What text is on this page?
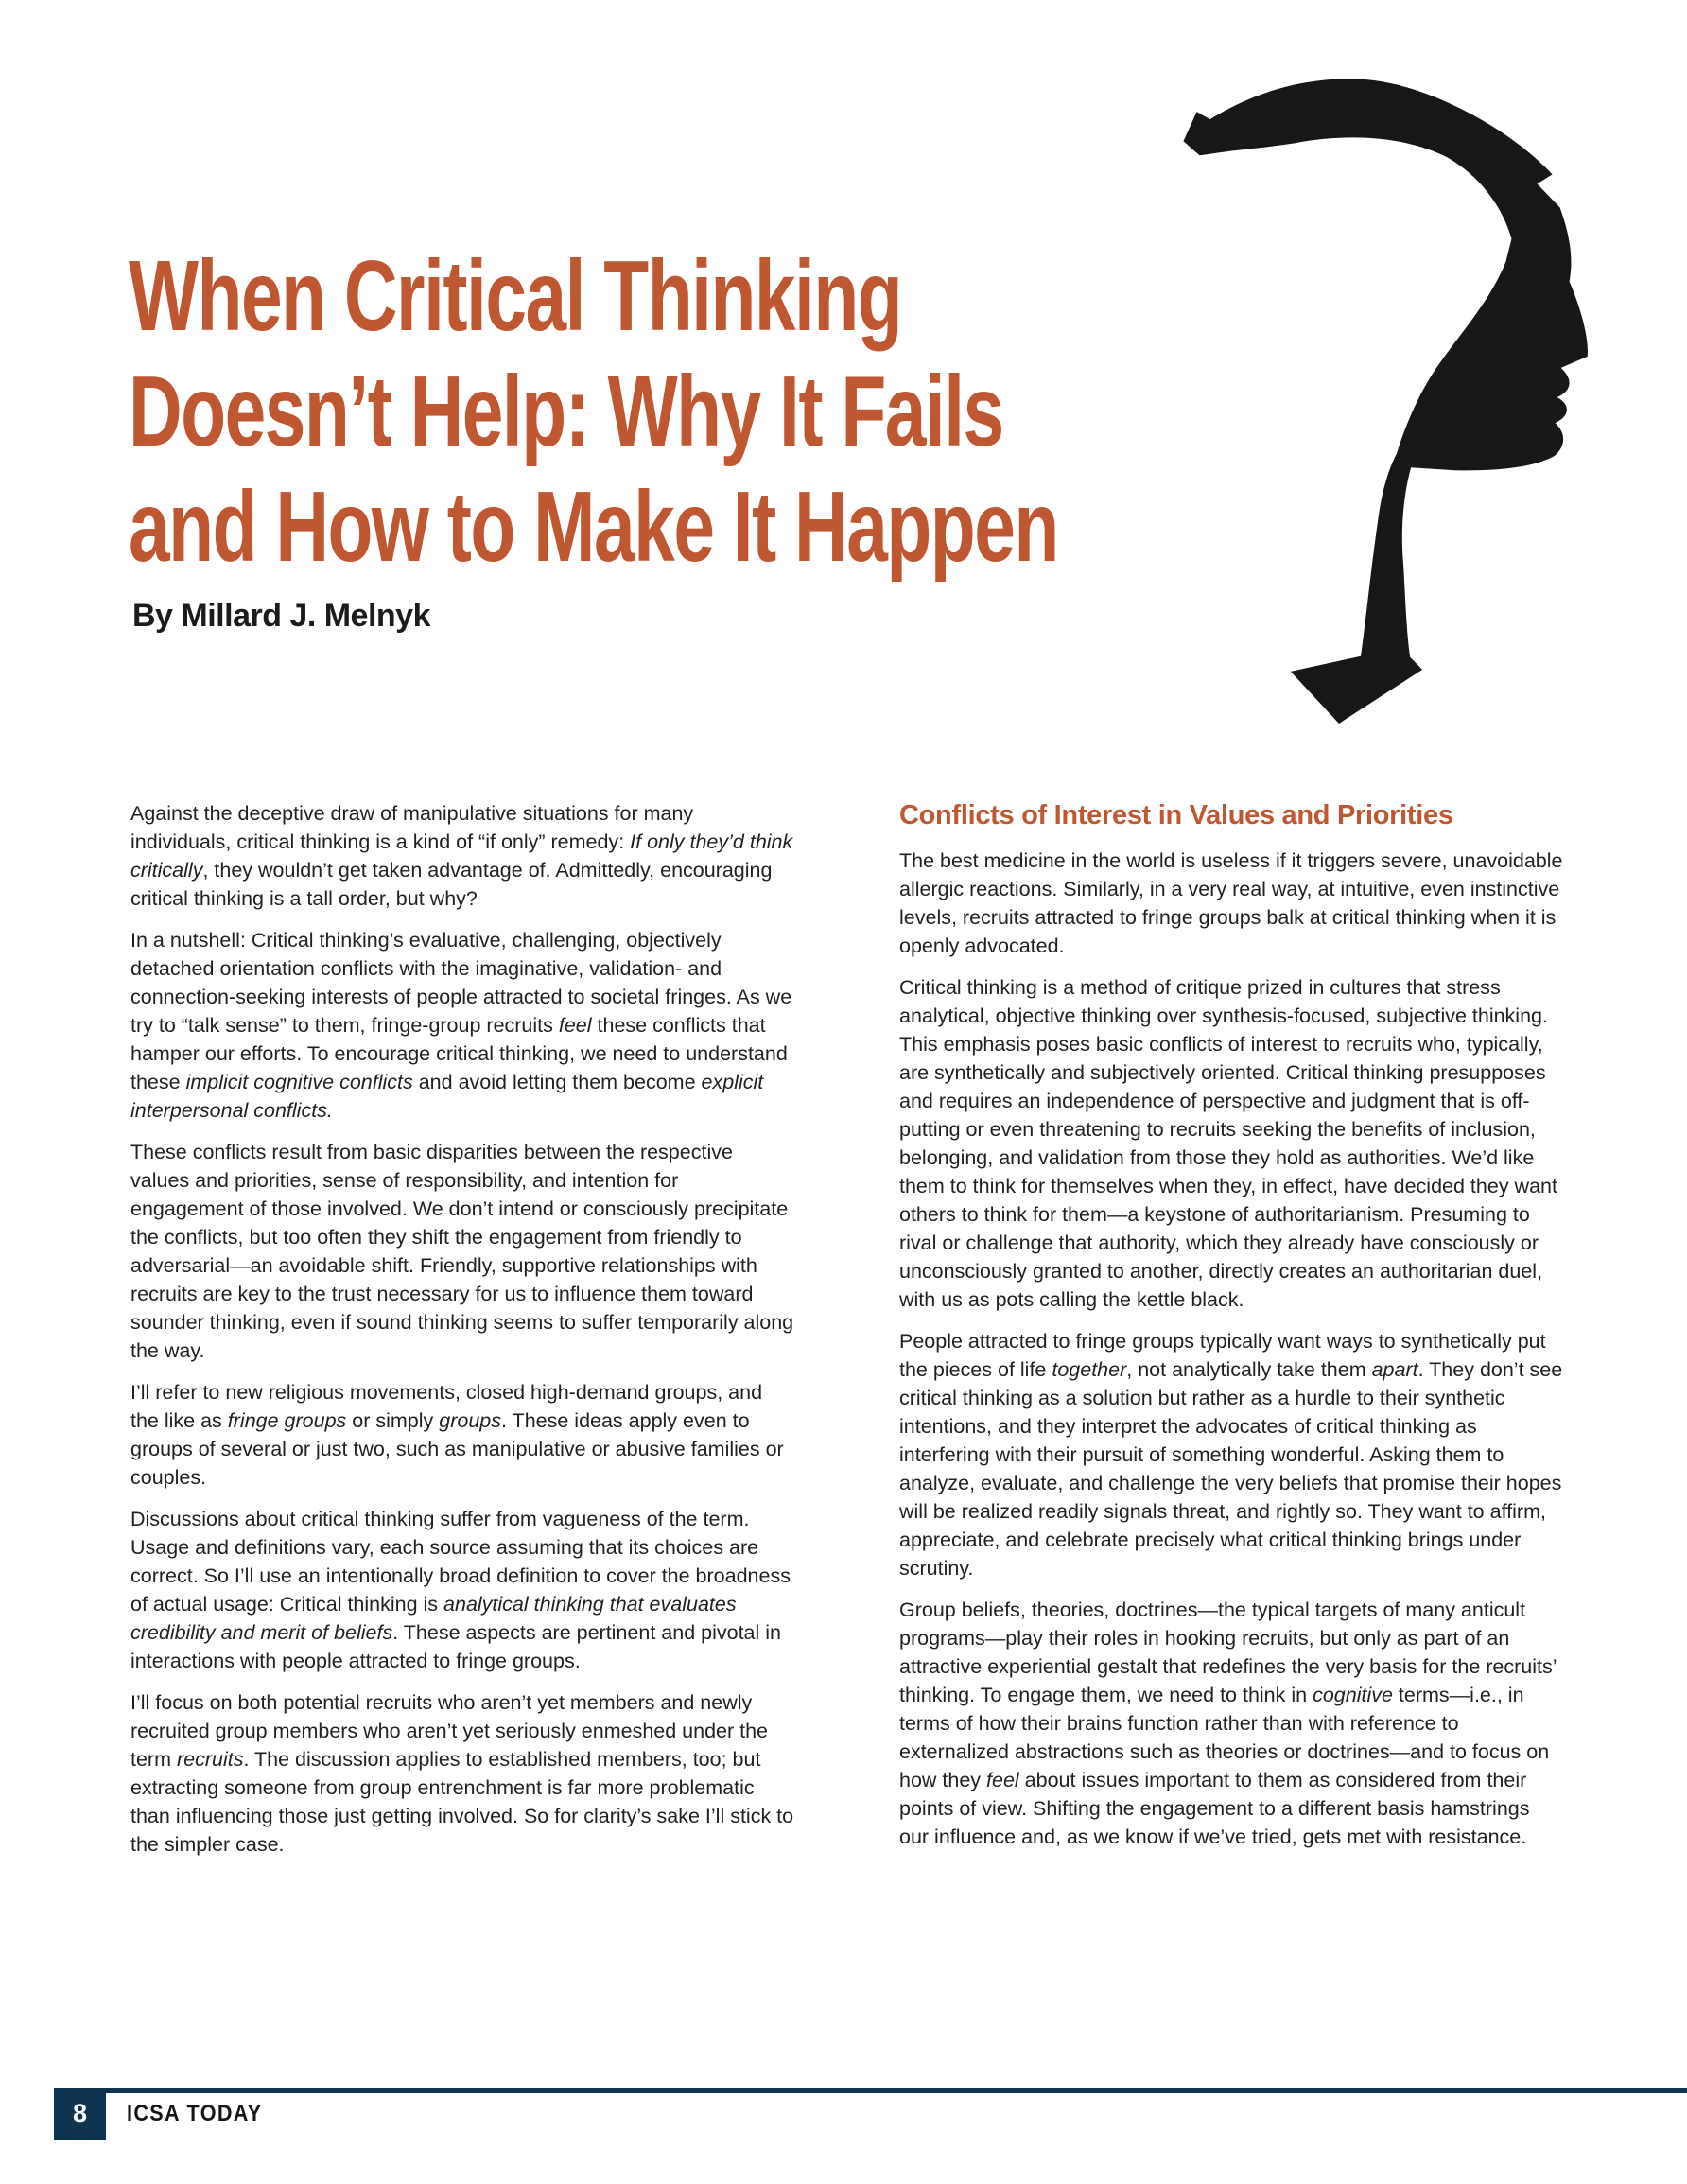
When Critical Thinking
Doesn’t Help: Why It Fails
and How to Make It Happen
By Millard J. Melnyk

Against the deceptive draw of manipulative situations for many individuals, critical thinking is a kind of “if only” remedy: If only they’d think critically, they wouldn’t get taken advantage of. Admittedly, encouraging critical thinking is a tall order, but why?

In a nutshell: Critical thinking’s evaluative, challenging, objectively detached orientation conflicts with the imaginative, validation- and connection-seeking interests of people attracted to societal fringes. As we try to “talk sense” to them, fringe-group recruits feel these conflicts that hamper our efforts. To encourage critical thinking, we need to understand these implicit cognitive conflicts and avoid letting them become explicit interpersonal conflicts.

These conflicts result from basic disparities between the respective values and priorities, sense of responsibility, and intention for engagement of those involved. We don’t intend or consciously precipitate the conflicts, but too often they shift the engagement from friendly to adversarial—an avoidable shift. Friendly, supportive relationships with recruits are key to the trust necessary for us to influence them toward sounder thinking, even if sound thinking seems to suffer temporarily along the way.

I’ll refer to new religious movements, closed high-demand groups, and the like as fringe groups or simply groups. These ideas apply even to groups of several or just two, such as manipulative or abusive families or couples.

Discussions about critical thinking suffer from vagueness of the term. Usage and definitions vary, each source assuming that its choices are correct. So I’ll use an intentionally broad definition to cover the broadness of actual usage: Critical thinking is analytical thinking that evaluates credibility and merit of beliefs. These aspects are pertinent and pivotal in interactions with people attracted to fringe groups.

I’ll focus on both potential recruits who aren’t yet members and newly recruited group members who aren’t yet seriously enmeshed under the term recruits. The discussion applies to established members, too; but extracting someone from group entrenchment is far more problematic than influencing those just getting involved. So for clarity’s sake I’ll stick to the simpler case.

Conflicts of Interest in Values and Priorities

The best medicine in the world is useless if it triggers severe, unavoidable allergic reactions. Similarly, in a very real way, at intuitive, even instinctive levels, recruits attracted to fringe groups balk at critical thinking when it is openly advocated.

Critical thinking is a method of critique prized in cultures that stress analytical, objective thinking over synthesis-focused, subjective thinking. This emphasis poses basic conflicts of interest to recruits who, typically, are synthetically and subjectively oriented. Critical thinking presupposes and requires an independence of perspective and judgment that is off-putting or even threatening to recruits seeking the benefits of inclusion, belonging, and validation from those they hold as authorities. We’d like them to think for themselves when they, in effect, have decided they want others to think for them—a keystone of authoritarianism. Presuming to rival or challenge that authority, which they already have consciously or unconsciously granted to another, directly creates an authoritarian duel, with us as pots calling the kettle black.

People attracted to fringe groups typically want ways to synthetically put the pieces of life together, not analytically take them apart. They don’t see critical thinking as a solution but rather as a hurdle to their synthetic intentions, and they interpret the advocates of critical thinking as interfering with their pursuit of something wonderful. Asking them to analyze, evaluate, and challenge the very beliefs that promise their hopes will be realized readily signals threat, and rightly so. They want to affirm, appreciate, and celebrate precisely what critical thinking brings under scrutiny.

Group beliefs, theories, doctrines—the typical targets of many anticult programs—play their roles in hooking recruits, but only as part of an attractive experiential gestalt that redefines the very basis for the recruits’ thinking. To engage them, we need to think in cognitive terms—i.e., in terms of how their brains function rather than with reference to externalized abstractions such as theories or doctrines—and to focus on how they feel about issues important to them as considered from their points of view. Shifting the engagement to a different basis hamstrings our influence and, as we know if we’ve tried, gets met with resistance.

8 ICSA TODAY
